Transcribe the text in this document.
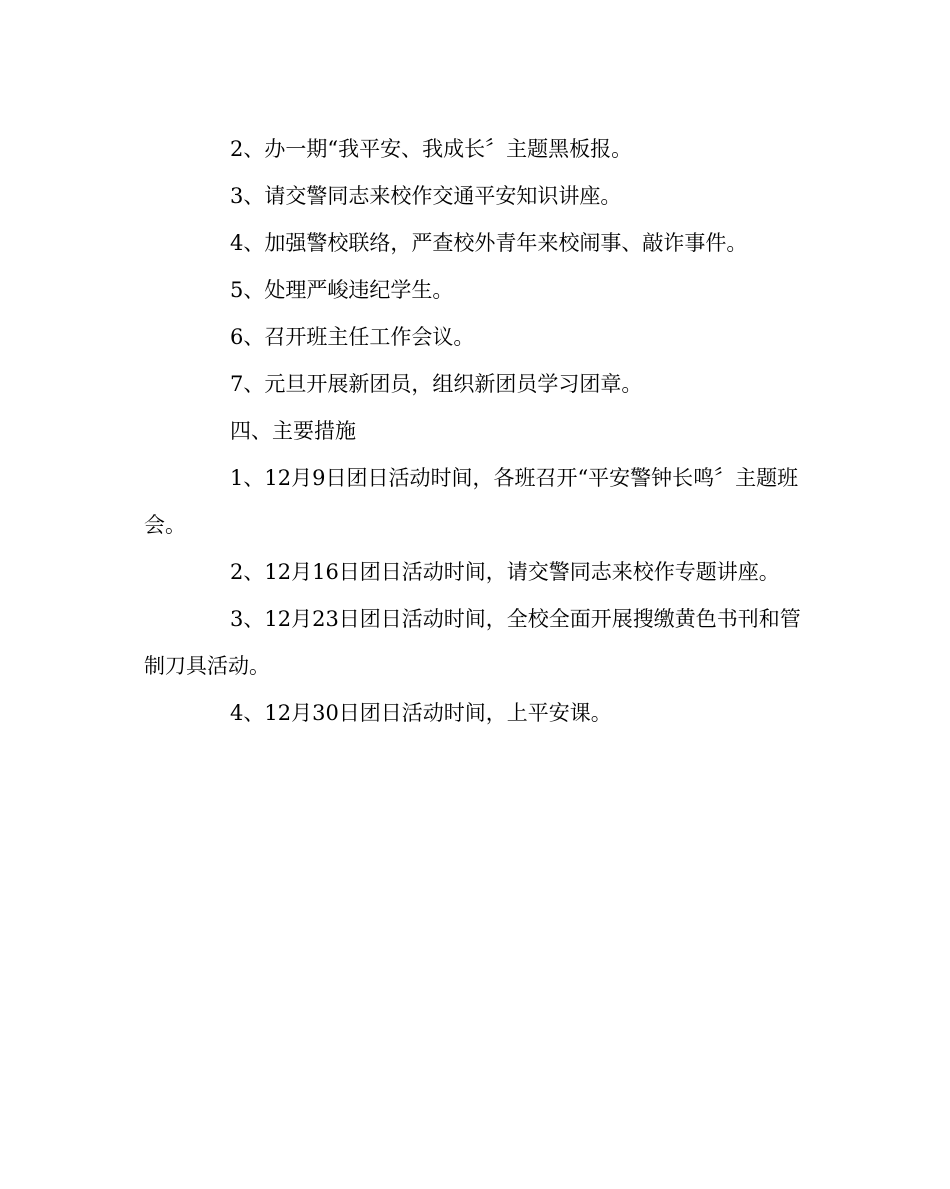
2、办一期“我平安、我成长〞主题黑板报。

3、请交警同志来校作交通平安知识讲座。

4、加强警校联络，严查校外青年来校闹事、敲诈事件。

5、处理严峻违纪学生。

6、召开班主任工作会议。

7、元旦开展新团员，组织新团员学习团章。

四、主要措施

1、12月9日团日活动时间，各班召开“平安警钟长鸣〞主题班会。

2、12月16日团日活动时间，请交警同志来校作专题讲座。

3、12月23日团日活动时间，全校全面开展搜缴黄色书刊和管制刀具活动。

4、12月30日团日活动时间，上平安课。
